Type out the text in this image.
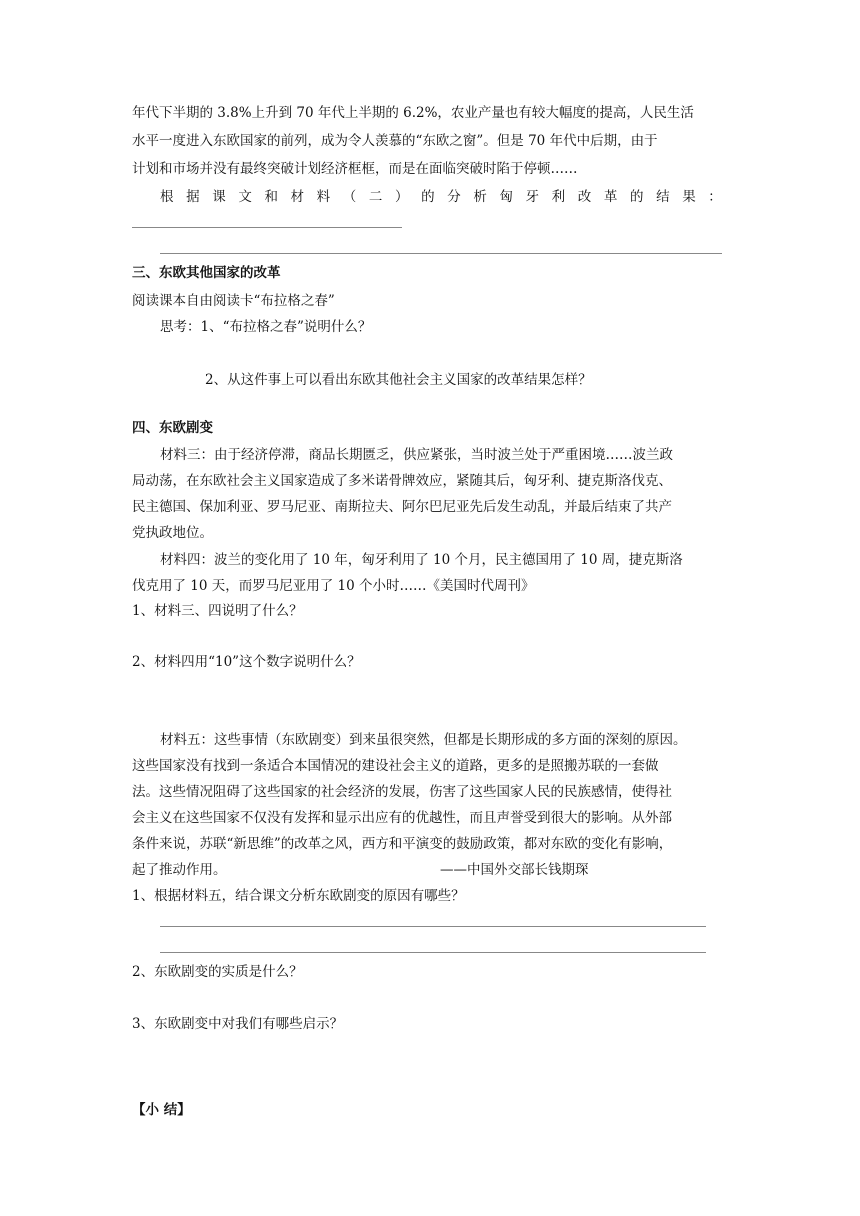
年代下半期的 3.8%上升到 70 年代上半期的 6.2%，农业产量也有较大幅度的提高，人民生活

水平一度进入东欧国家的前列，成为令人羡慕的“东欧之窗”。但是 70 年代中后期，由于

计划和市场并没有最终突破计划经济框框，而是在面临突破时陷于停顿……

根 据 课 文 和 材 料 （ 二 ） 的 分 析 匈 牙 利 改 革 的 结 果 ：

三、东欧其他国家的改革

阅读课本自由阅读卡“布拉格之春”

思考：1、“布拉格之春”说明什么？

2、从这件事上可以看出东欧其他社会主义国家的改革结果怎样？

四、东欧剧变

材料三：由于经济停滞，商品长期匮乏，供应紧张，当时波兰处于严重困境……波兰政

局动荡，在东欧社会主义国家造成了多米诺骨牌效应，紧随其后，匈牙利、捷克斯洛伐克、

民主德国、保加利亚、罗马尼亚、南斯拉夫、阿尔巴尼亚先后发生动乱，并最后结束了共产

党执政地位。

材料四：波兰的变化用了 10 年，匈牙利用了 10 个月，民主德国用了 10 周，捷克斯洛

伐克用了 10 天，而罗马尼亚用了 10 个小时……《美国时代周刊》

1、材料三、四说明了什么？

2、材料四用“10”这个数字说明什么？

材料五：这些事情（东欧剧变）到来虽很突然，但都是长期形成的多方面的深刻的原因。

这些国家没有找到一条适合本国情况的建设社会主义的道路，更多的是照搬苏联的一套做

法。这些情况阻碍了这些国家的社会经济的发展，伤害了这些国家人民的民族感情，使得社

会主义在这些国家不仅没有发挥和显示出应有的优越性，而且声誉受到很大的影响。从外部

条件来说，苏联“新思维”的改革之风，西方和平演变的鼓励政策，都对东欧的变化有影响，

起了推动作用。	——中国外交部长钱期琛

1、根据材料五，结合课文分析东欧剧变的原因有哪些？

2、东欧剧变的实质是什么？

3、东欧剧变中对我们有哪些启示？

【小 结】
